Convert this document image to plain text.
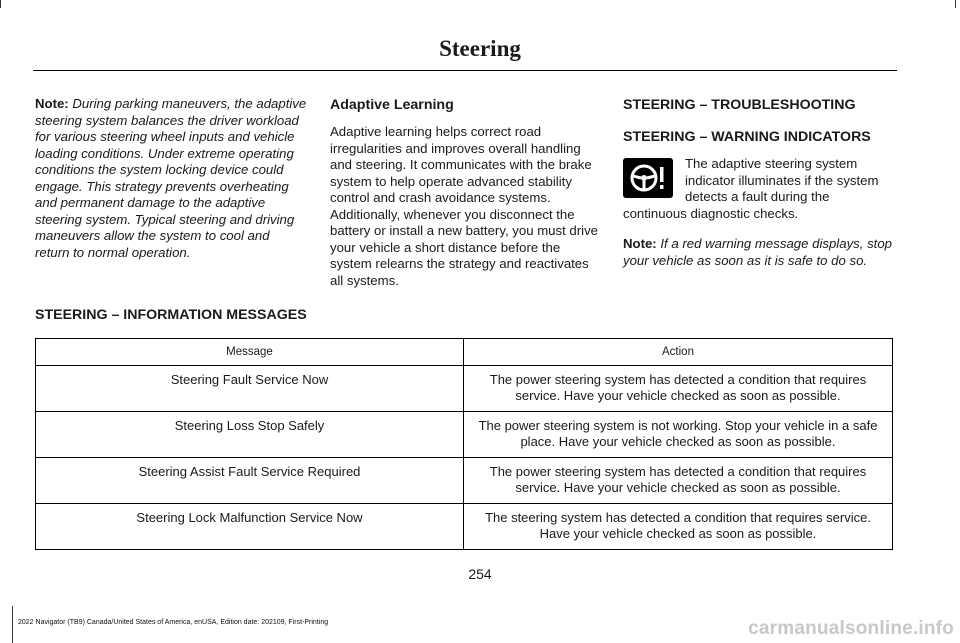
Steering

Note: During parking maneuvers, the adaptive steering system balances the driver workload for various steering wheel inputs and vehicle loading conditions. Under extreme operating conditions the system locking device could engage. This strategy prevents overheating and permanent damage to the adaptive steering system. Typical steering and driving maneuvers allow the system to cool and return to normal operation.

Adaptive Learning

Adaptive learning helps correct road irregularities and improves overall handling and steering. It communicates with the brake system to help operate advanced stability control and crash avoidance systems. Additionally, whenever you disconnect the battery or install a new battery, you must drive your vehicle a short distance before the system relearns the strategy and reactivates all systems.

STEERING – TROUBLESHOOTING
STEERING – WARNING INDICATORS
The adaptive steering system indicator illuminates if the system detects a fault during the continuous diagnostic checks.

Note: If a red warning message displays, stop your vehicle as soon as it is safe to do so.

STEERING – INFORMATION MESSAGES
Message	Action
Steering Fault Service Now	The power steering system has detected a condition that requires service. Have your vehicle checked as soon as possible.
Steering Loss Stop Safely	The power steering system is not working. Stop your vehicle in a safe place. Have your vehicle checked as soon as possible.
Steering Assist Fault Service Required	The power steering system has detected a condition that requires service. Have your vehicle checked as soon as possible.
Steering Lock Malfunction Service Now	The steering system has detected a condition that requires service. Have your vehicle checked as soon as possible.
254
2022 Navigator (TB9) Canada/United States of America, enUSA, Edition date: 202109, First-Printing	carmanualsonline.info
